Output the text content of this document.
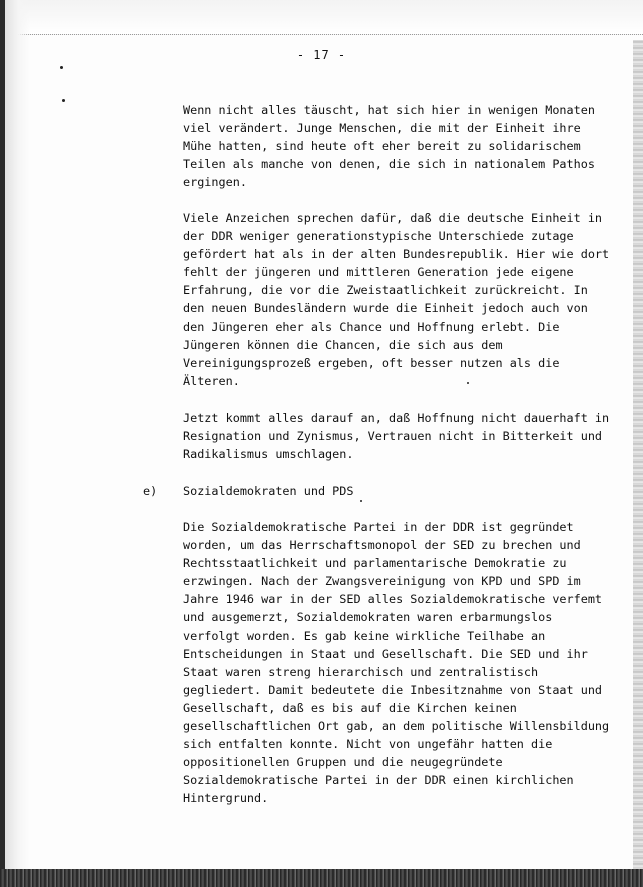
- 17 -
Wenn nicht alles täuscht, hat sich hier in wenigen Monaten
viel verändert. Junge Menschen, die mit der Einheit ihre
Mühe hatten, sind heute oft eher bereit zu solidarischem
Teilen als manche von denen, die sich in nationalem Pathos
ergingen.
Viele Anzeichen sprechen dafür, daß die deutsche Einheit in
der DDR weniger generationstypische Unterschiede zutage
gefördert hat als in der alten Bundesrepublik. Hier wie dort
fehlt der jüngeren und mittleren Generation jede eigene
Erfahrung, die vor die Zweistaatlichkeit zurückreicht. In
den neuen Bundesländern wurde die Einheit jedoch auch von
den Jüngeren eher als Chance und Hoffnung erlebt. Die
Jüngeren können die Chancen, die sich aus dem
Vereinigungsprozeß ergeben, oft besser nutzen als die
Älteren.
Jetzt kommt alles darauf an, daß Hoffnung nicht dauerhaft in
Resignation und Zynismus, Vertrauen nicht in Bitterkeit und
Radikalismus umschlagen.
e) Sozialdemokraten und PDS
Die Sozialdemokratische Partei in der DDR ist gegründet
worden, um das Herrschaftsmonopol der SED zu brechen und
Rechtsstaatlichkeit und parlamentarische Demokratie zu
erzwingen. Nach der Zwangsvereinigung von KPD und SPD im
Jahre 1946 war in der SED alles Sozialdemokratische verfemt
und ausgemerzt, Sozialdemokraten waren erbarmungslos
verfolgt worden. Es gab keine wirkliche Teilhabe an
Entscheidungen in Staat und Gesellschaft. Die SED und ihr
Staat waren streng hierarchisch und zentralistisch
gegliedert. Damit bedeutete die Inbesitznahme von Staat und
Gesellschaft, daß es bis auf die Kirchen keinen
gesellschaftlichen Ort gab, an dem politische Willensbildung
sich entfalten konnte. Nicht von ungefähr hatten die
oppositionellen Gruppen und die neugegründete
Sozialdemokratische Partei in der DDR einen kirchlichen
Hintergrund.
